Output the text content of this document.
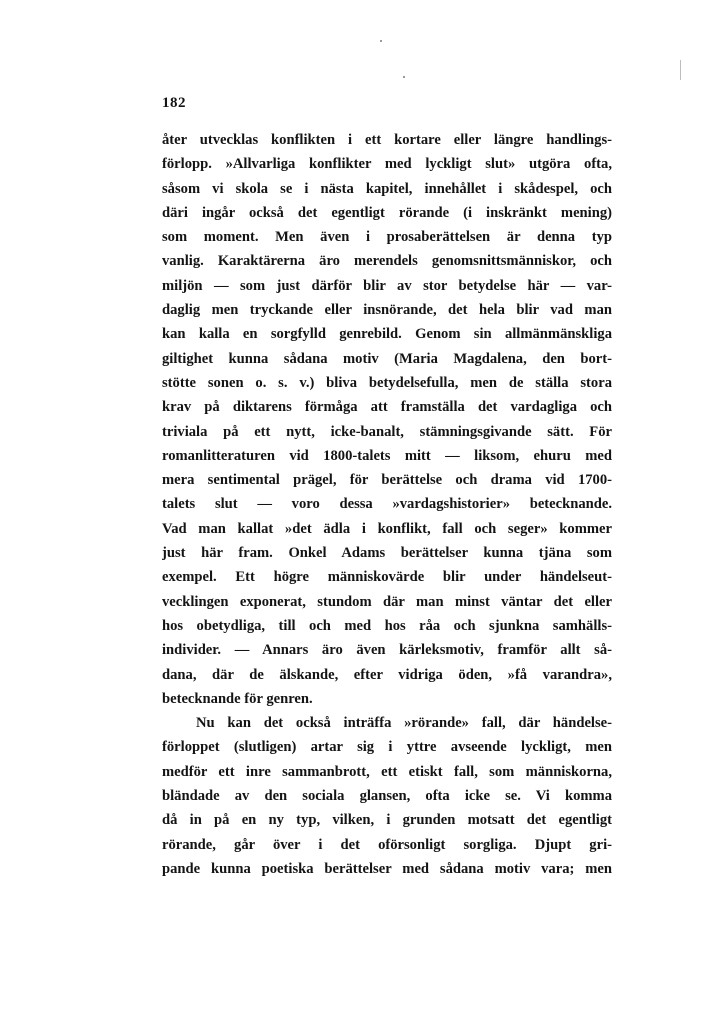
182
åter utvecklas konflikten i ett kortare eller längre handlings-
förlopp. »Allvarliga konflikter med lyckligt slut» utgöra ofta,
såsom vi skola se i nästa kapitel, innehållet i skådespel, och
däri ingår också det egentligt rörande (i inskränkt mening)
som moment. Men även i prosaberättelsen är denna typ
vanlig. Karaktärerna äro merendels genomsnittsmänniskor, och
miljön — som just därför blir av stor betydelse här — var-
daglig men tryckande eller insnörande, det hela blir vad man
kan kalla en sorgfylld genrebild. Genom sin allmänmänskliga
giltighet kunna sådana motiv (Maria Magdalena, den bort-
stötte sonen o. s. v.) bliva betydelsefulla, men de ställa stora
krav på diktarens förmåga att framställa det vardagliga och
triviala på ett nytt, icke-banalt, stämningsgivande sätt. För
romanlitteraturen vid 1800-talets mitt — liksom, ehuru med
mera sentimental prägel, för berättelse och drama vid 1700-
talets slut — voro dessa »vardagshistorier» betecknande.
Vad man kallat »det ädla i konflikt, fall och seger» kommer
just här fram. Onkel Adams berättelser kunna tjäna som
exempel. Ett högre människovärde blir under händelseut-
vecklingen exponerat, stundom där man minst väntar det eller
hos obetydliga, till och med hos råa och sjunkna samhälls-
individer. — Annars äro även kärleksmotiv, framför allt så-
dana, där de älskande, efter vidriga öden, »få varandra»,
betecknande för genren.
Nu kan det också inträffa »rörande» fall, där händelse-
förloppet (slutligen) artar sig i yttre avseende lyckligt, men
medför ett inre sammanbrott, ett etiskt fall, som människorna,
bländade av den sociala glansen, ofta icke se. Vi komma
då in på en ny typ, vilken, i grunden motsatt det egentligt
rörande, går över i det oförsonligt sorgliga. Djupt gri-
pande kunna poetiska berättelser med sådana motiv vara; men
